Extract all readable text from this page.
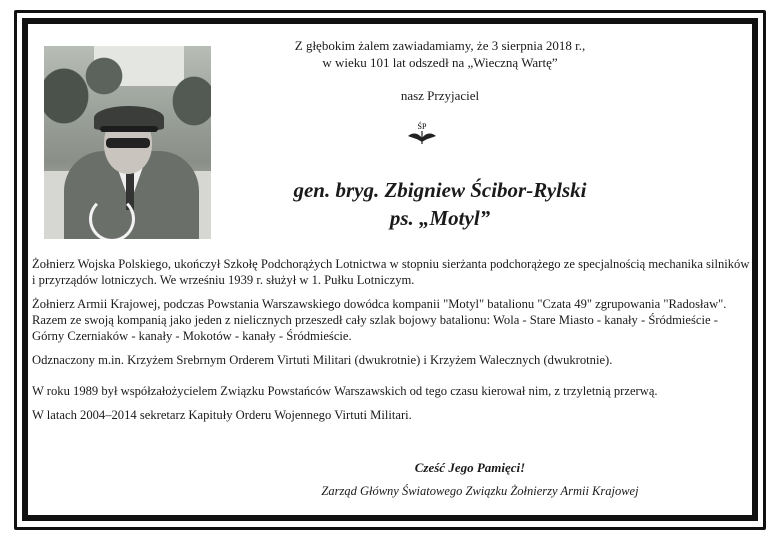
Z głębokim żalem zawiadamiamy, że 3 sierpnia 2018 r.,
w wieku 101 lat odszedł na „Wieczną Wartę”
nasz Przyjaciel
ŚP
gen. bryg. Zbigniew Ścibor-Rylski
ps. „Motyl”
Żołnierz Wojska Polskiego, ukończył Szkołę Podchorążych Lotnictwa w stopniu sierżanta podchorążego ze specjalnością mechanika silników i przyrządów lotniczych. We wrześniu 1939 r. służył w 1. Pułku Lotniczym.
Żołnierz Armii Krajowej, podczas Powstania Warszawskiego dowódca kompanii "Motyl" batalionu "Czata 49" zgrupowania "Radosław". Razem ze swoją kompanią jako jeden z nielicznych przeszedł cały szlak bojowy batalionu: Wola - Stare Miasto - kanały - Śródmieście - Górny Czerniaków - kanały - Mokotów - kanały - Śródmieście.
Odznaczony m.in. Krzyżem Srebrnym Orderem Virtuti Militari (dwukrotnie) i Krzyżem Walecznych (dwukrotnie).
W roku 1989 był współzałożycielem Związku Powstańców Warszawskich od tego czasu kierował nim, z trzyletnią przerwą.
W latach 2004–2014 sekretarz Kapituły Orderu Wojennego Virtuti Militari.
Cześć Jego Pamięci!
Zarząd Główny Światowego Związku Żołnierzy Armii Krajowej
